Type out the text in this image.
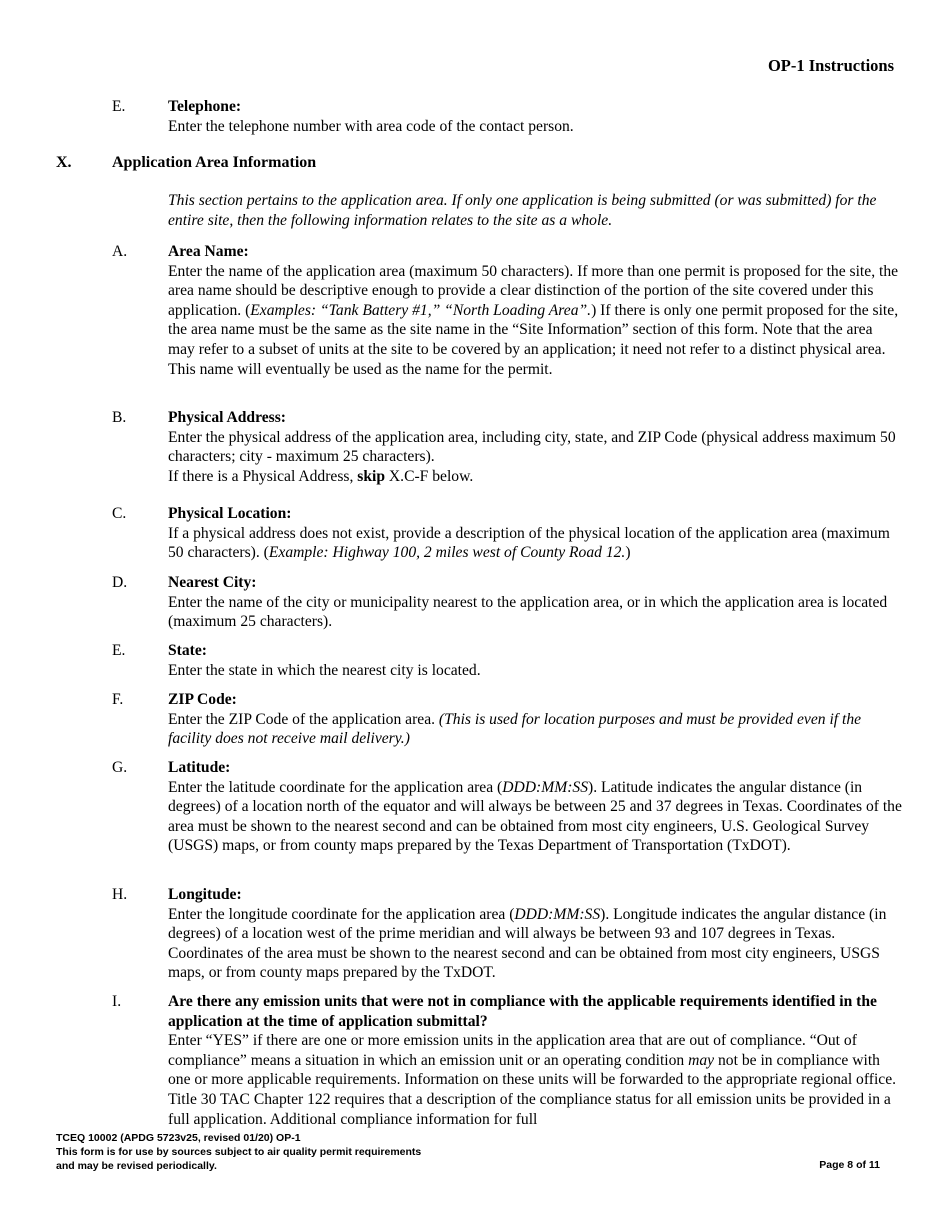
OP-1 Instructions
E.	Telephone:

Enter the telephone number with area code of the contact person.

X.	Application Area Information
This section pertains to the application area. If only one application is being submitted (or was submitted) for the entire site, then the following information relates to the site as a whole.
A.	Area Name:

Enter the name of the application area (maximum 50 characters). If more than one permit is proposed for the site, the area name should be descriptive enough to provide a clear distinction of the portion of the site covered under this application. (Examples: “Tank Battery #1,” “North Loading Area”.) If there is only one permit proposed for the site, the area name must be the same as the site name in the “Site Information” section of this form. Note that the area may refer to a subset of units at the site to be covered by an application; it need not refer to a distinct physical area. This name will eventually be used as the name for the permit.

B.	Physical Address:

Enter the physical address of the application area, including city, state, and ZIP Code (physical address maximum 50 characters; city - maximum 25 characters).

If there is a Physical Address, skip X.C-F below.

C.	Physical Location:

If a physical address does not exist, provide a description of the physical location of the application area (maximum 50 characters). (Example: Highway 100, 2 miles west of County Road 12.)

D.	Nearest City:

Enter the name of the city or municipality nearest to the application area, or in which the application area is located (maximum 25 characters).

E.	State:

Enter the state in which the nearest city is located.

F.	ZIP Code:

Enter the ZIP Code of the application area. (This is used for location purposes and must be provided even if the facility does not receive mail delivery.)

G.	Latitude:

Enter the latitude coordinate for the application area (DDD:MM:SS). Latitude indicates the angular distance (in degrees) of a location north of the equator and will always be between 25 and 37 degrees in Texas. Coordinates of the area must be shown to the nearest second and can be obtained from most city engineers, U.S. Geological Survey (USGS) maps, or from county maps prepared by the Texas Department of Transportation (TxDOT).

H.	Longitude:

Enter the longitude coordinate for the application area (DDD:MM:SS). Longitude indicates the angular distance (in degrees) of a location west of the prime meridian and will always be between 93 and 107 degrees in Texas. Coordinates of the area must be shown to the nearest second and can be obtained from most city engineers, USGS maps, or from county maps prepared by the TxDOT.

I.	Are there any emission units that were not in compliance with the applicable requirements identified in the application at the time of application submittal?

Enter “YES” if there are one or more emission units in the application area that are out of compliance. “Out of compliance” means a situation in which an emission unit or an operating condition may not be in compliance with one or more applicable requirements. Information on these units will be forwarded to the appropriate regional office. Title 30 TAC Chapter 122 requires that a description of the compliance status for all emission units be provided in a full application. Additional compliance information for full

TCEQ 10002 (APDG 5723v25, revised 01/20) OP-1
This form is for use by sources subject to air quality permit requirements
and may be revised periodically.	Page 8 of 11
